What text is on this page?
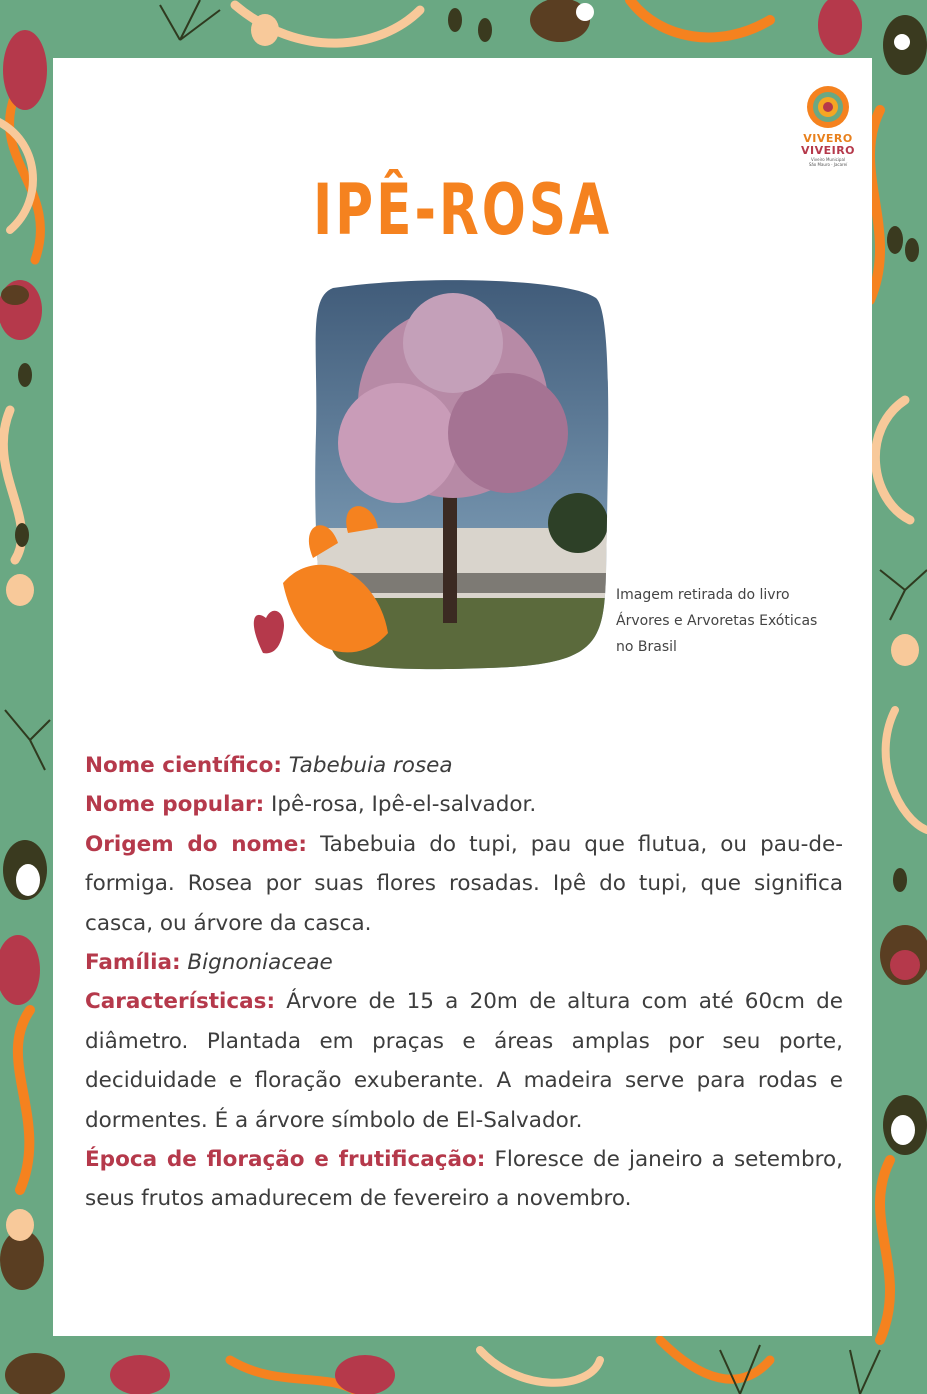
VIVERO
VIVEIRO
Viveiro Municipal
São Mauro · Jacareí
IPÊ-ROSA
Imagem retirada do livro
Árvores e Arvoretas Exóticas
no Brasil

Nome científico: Tabebuia rosea

Nome popular: Ipê-rosa, Ipê-el-salvador.

Origem do nome: Tabebuia do tupi, pau que flutua, ou pau-de-formiga. Rosea por suas flores rosadas. Ipê do tupi, que significa casca, ou árvore da casca.

Família: Bignoniaceae

Características: Árvore de 15 a 20m de altura com até 60cm de diâmetro. Plantada em praças e áreas amplas por seu porte, deciduidade e floração exuberante. A madeira serve para rodas e dormentes. É a árvore símbolo de El-Salvador.

Época de floração e frutificação: Floresce de janeiro a setembro, seus frutos amadurecem de fevereiro a novembro.
